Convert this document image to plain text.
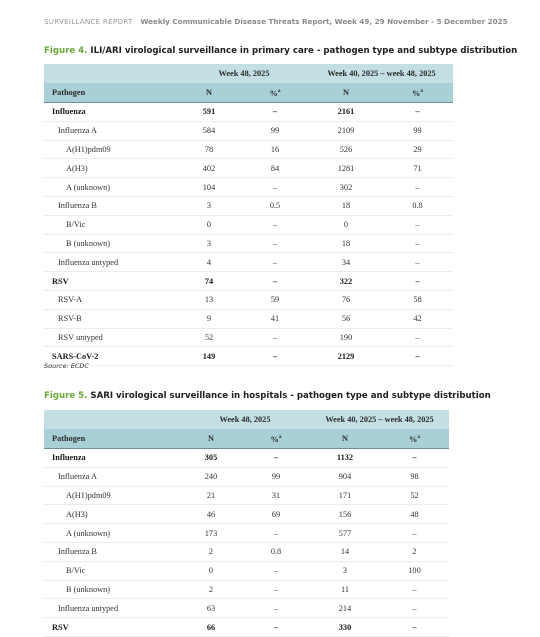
SURVEILLANCE REPORT Weekly Communicable Disease Threats Report, Week 49, 29 November - 5 December 2025
Figure 4. ILI/ARI virological surveillance in primary care - pathogen type and subtype distribution
	Week 48, 2025		Week 40, 2025 – week 48, 2025	
Pathogen	N	%$^a$	N	%$^a$
Influenza	591	–	2161	–
Influenza A	584	99	2109	99
A(H1)pdm09	78	16	526	29
A(H3)	402	84	1281	71
A (unknown)	104	–	302	–
Influenza B	3	0.5	18	0.8
B/Vic	0	–	0	–
B (unknown)	3	–	18	–
Influenza untyped	4	–	34	–
RSV	74	–	322	–
RSV-A	13	59	76	58
RSV-B	9	41	56	42
RSV untyped	52	–	190	–
SARS-CoV-2	149	–	2129	–
Source: ECDC
Figure 5. SARI virological surveillance in hospitals - pathogen type and subtype distribution
	Week 48, 2025		Week 40, 2025 – week 48, 2025	
Pathogen	N	%$^a$	N	%$^a$
Influenza	305	–	1132	–
Influenza A	240	99	904	98
A(H1)pdm09	21	31	171	52
A(H3)	46	69	156	48
A (unknown)	173	–	577	–
Influenza B	2	0.8	14	2
B/Vic	0	–	3	100
B (unknown)	2	–	11	–
Influenza untyped	63	–	214	–
RSV	66	–	330	–
